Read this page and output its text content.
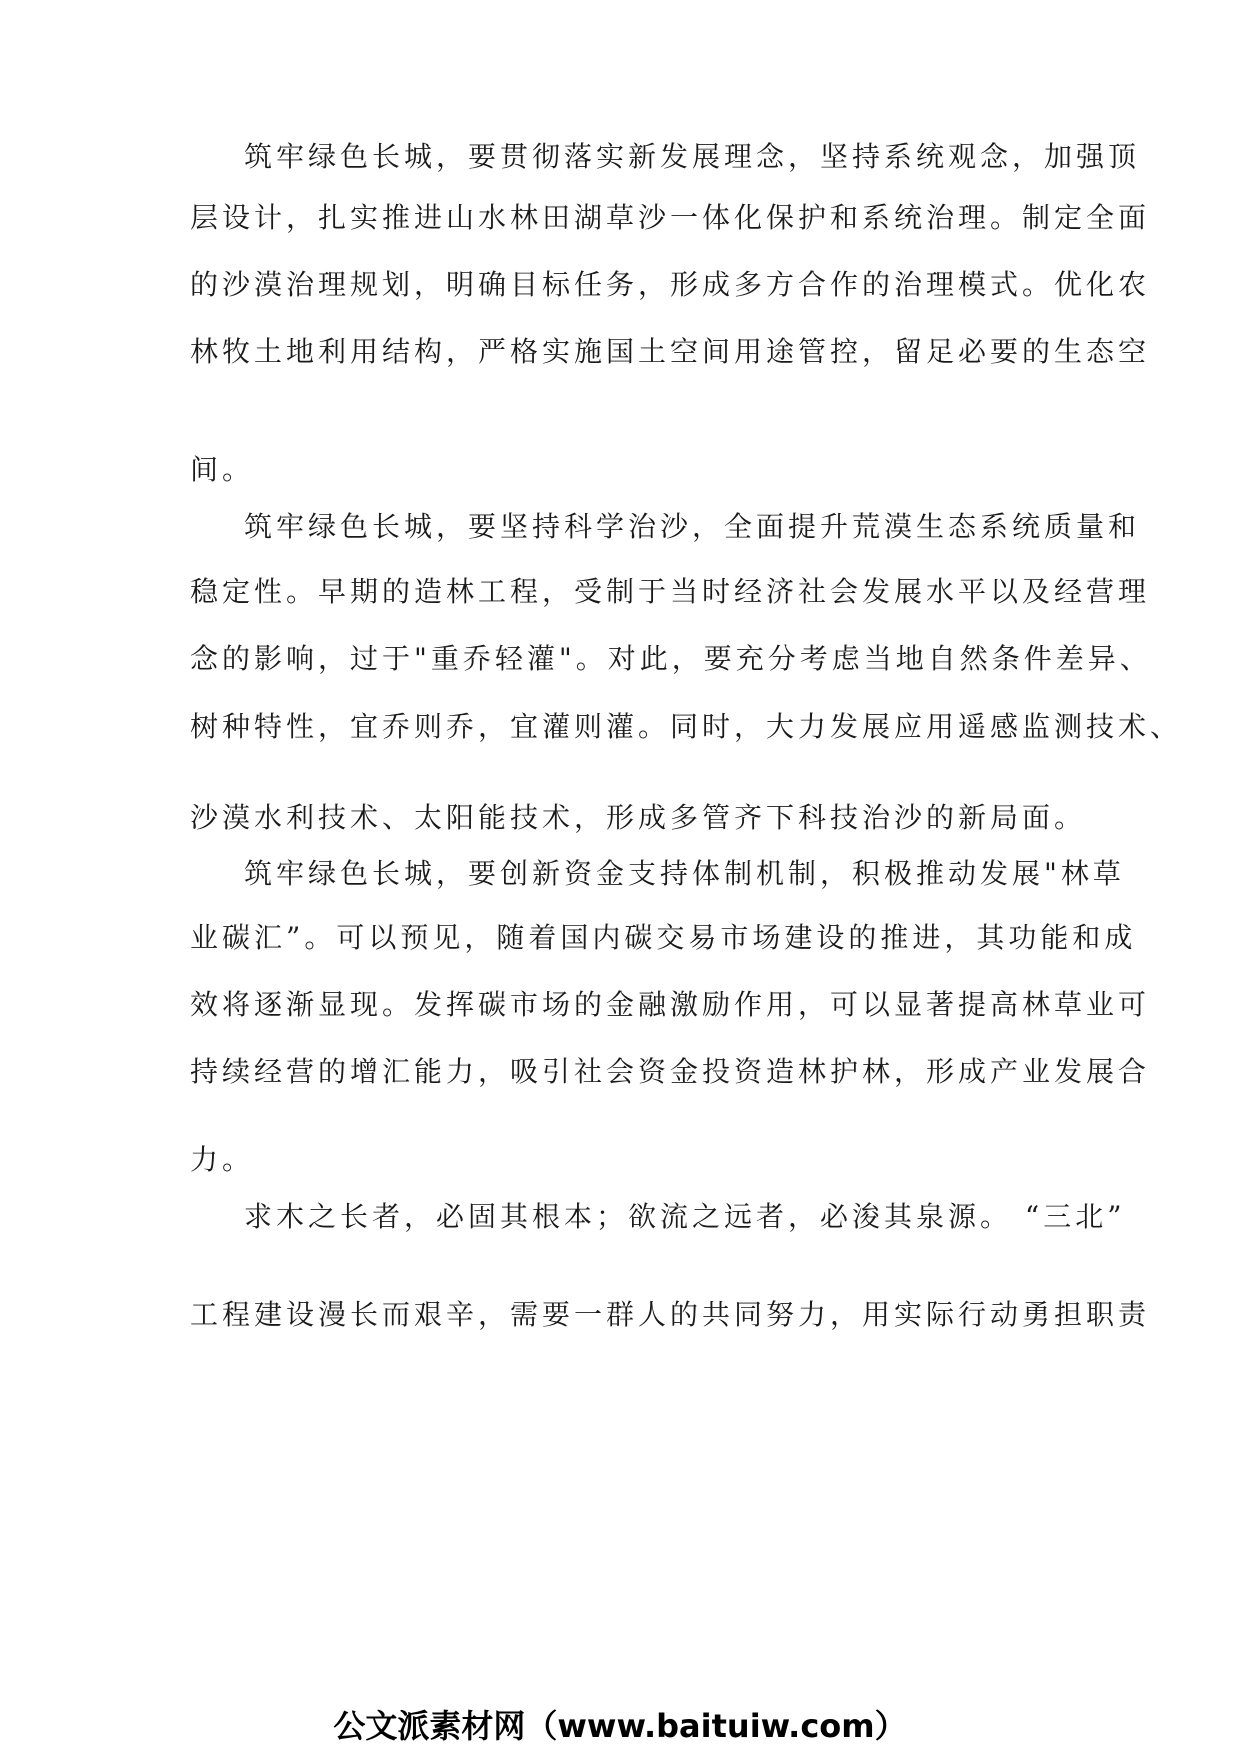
筑牢绿色长城，要贯彻落实新发展理念，坚持系统观念，加强顶
层设计，扎实推进山水林田湖草沙一体化保护和系统治理。制定全面
的沙漠治理规划，明确目标任务，形成多方合作的治理模式。优化农
林牧土地利用结构，严格实施国土空间用途管控，留足必要的生态空
间。
筑牢绿色长城，要坚持科学治沙，全面提升荒漠生态系统质量和
稳定性。早期的造林工程，受制于当时经济社会发展水平以及经营理
念的影响，过于"重乔轻灌"。对此，要充分考虑当地自然条件差异、
树种特性，宜乔则乔，宜灌则灌。同时，大力发展应用遥感监测技术、
沙漠水利技术、太阳能技术，形成多管齐下科技治沙的新局面。
筑牢绿色长城，要创新资金支持体制机制，积极推动发展"林草
业碳汇”。可以预见，随着国内碳交易市场建设的推进，其功能和成
效将逐渐显现。发挥碳市场的金融激励作用，可以显著提高林草业可
持续经营的增汇能力，吸引社会资金投资造林护林，形成产业发展合
力。
求木之长者，必固其根本；欲流之远者，必浚其泉源。 “三北”
工程建设漫长而艰辛，需要一群人的共同努力，用实际行动勇担职责
公文派素材网（www.baituiw.com）
